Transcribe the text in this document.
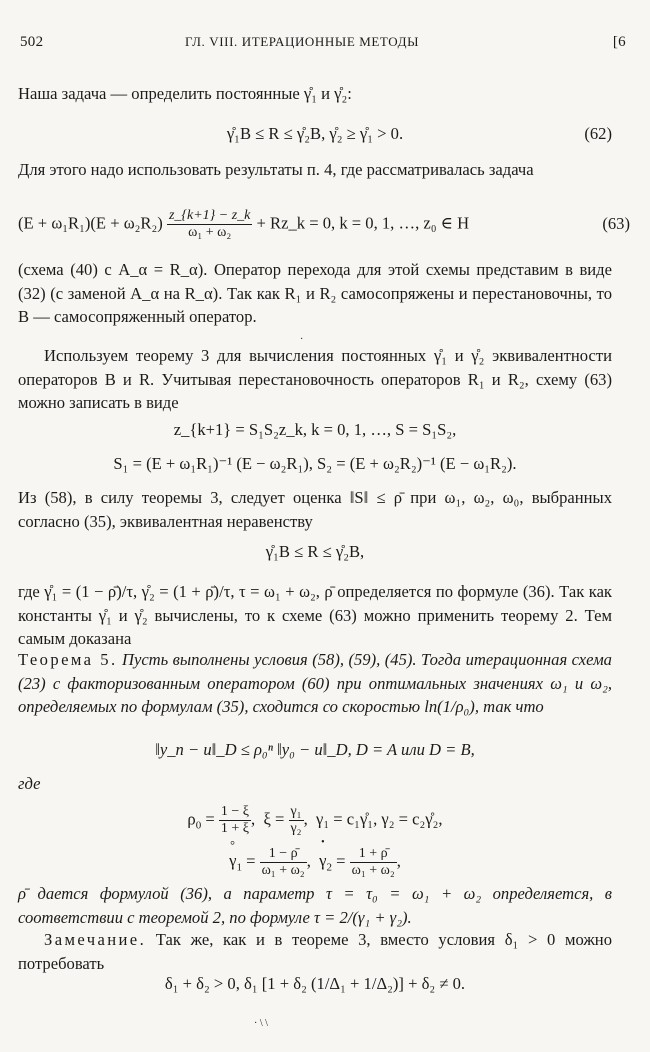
502	ГЛ. VIII. ИТЕРАЦИОННЫЕ МЕТОДЫ	[6
Наша задача — определить постоянные γ̊₁ и γ̊₂:
γ̊₁B ≤ R ≤ γ̊₂B, γ̊₂ ≥ γ̊₁ > 0.	(62)
Для этого надо использовать результаты п. 4, где рассматривалась задача
$(E + \omega_1R_1)(E + \omega_2R_2) \frac{z\_\{k+1\} - z\_k}{\text{ω₁ + ω₂}}$ + Rz_k = 0, k = 0, 1, …, z₀ ∈ H	(63)
(схема (40) с A_α = R_α). Оператор перехода для этой схемы представим в виде (32) (с заменой A_α на R_α). Так как R₁ и R₂ самосопряжены и перестановочны, то B — самосопряженный оператор.
Используем теорему 3 для вычисления постоянных γ̊₁ и γ̊₂ эквивалентности операторов B и R. Учитывая перестановочность операторов R₁ и R₂, схему (63) можно записать в виде
z_{k+1} = S₁S₂z_k, k = 0, 1, …, S = S₁S₂,
S₁ = (E + ω₁R₁)⁻¹ (E − ω₂R₁), S₂ = (E + ω₂R₂)⁻¹ (E − ω₁R₂).
Из (58), в силу теоремы 3, следует оценка ‖S‖ ≤ ρ̄ при ω₁, ω₂, ω₀, выбранных согласно (35), эквивалентная неравенству
γ̊₁B ≤ R ≤ γ̊₂B,
где γ̊₁ = (1 − ρ̄)/τ, γ̊₂ = (1 + ρ̄)/τ, τ = ω₁ + ω₂, ρ̄ определяется по формуле (36). Так как константы γ̊₁ и γ̊₂ вычислены, то к схеме (63) можно применить теорему 2. Тем самым доказана
Теорема 5. Пусть выполнены условия (58), (59), (45). Тогда итерационная схема (23) с факторизованным оператором (60) при оптимальных значениях ω₁ и ω₂, определяемых по формулам (35), сходится со скоростью ln(1/ρ₀), так что
‖y_n − u‖_D ≤ ρ₀ⁿ ‖y₀ − u‖_D, D = A или D = B,
где
$\rho_0 = \frac{1 - \xi}{1 + \xi}$ ,  $\xi = \frac{\text{γ₁}}{\text{γ₂}}$ ,  γ₁ = c₁γ̊₁, γ₂ = c₂γ̊₂,
° $\gamma_1 = \frac{1 - \rhō}{\text{ω₁ + ω₂}}$ ,  • $\gamma_2 = \frac{1 + \rhō}{\text{ω₁ + ω₂}}$ ,
ρ̄ дается формулой (36), а параметр τ = τ₀ = ω₁ + ω₂ определяется, в соответствии с теоремой 2, по формуле τ = 2/(γ₁ + γ₂).
Замечание. Так же, как и в теореме 3, вместо условия δ₁ > 0 можно потребовать
δ₁ + δ₂ > 0, δ₁ [1 + δ₂ (1/Δ₁ + 1/Δ₂)] + δ₂ ≠ 0.
·
· \ \
